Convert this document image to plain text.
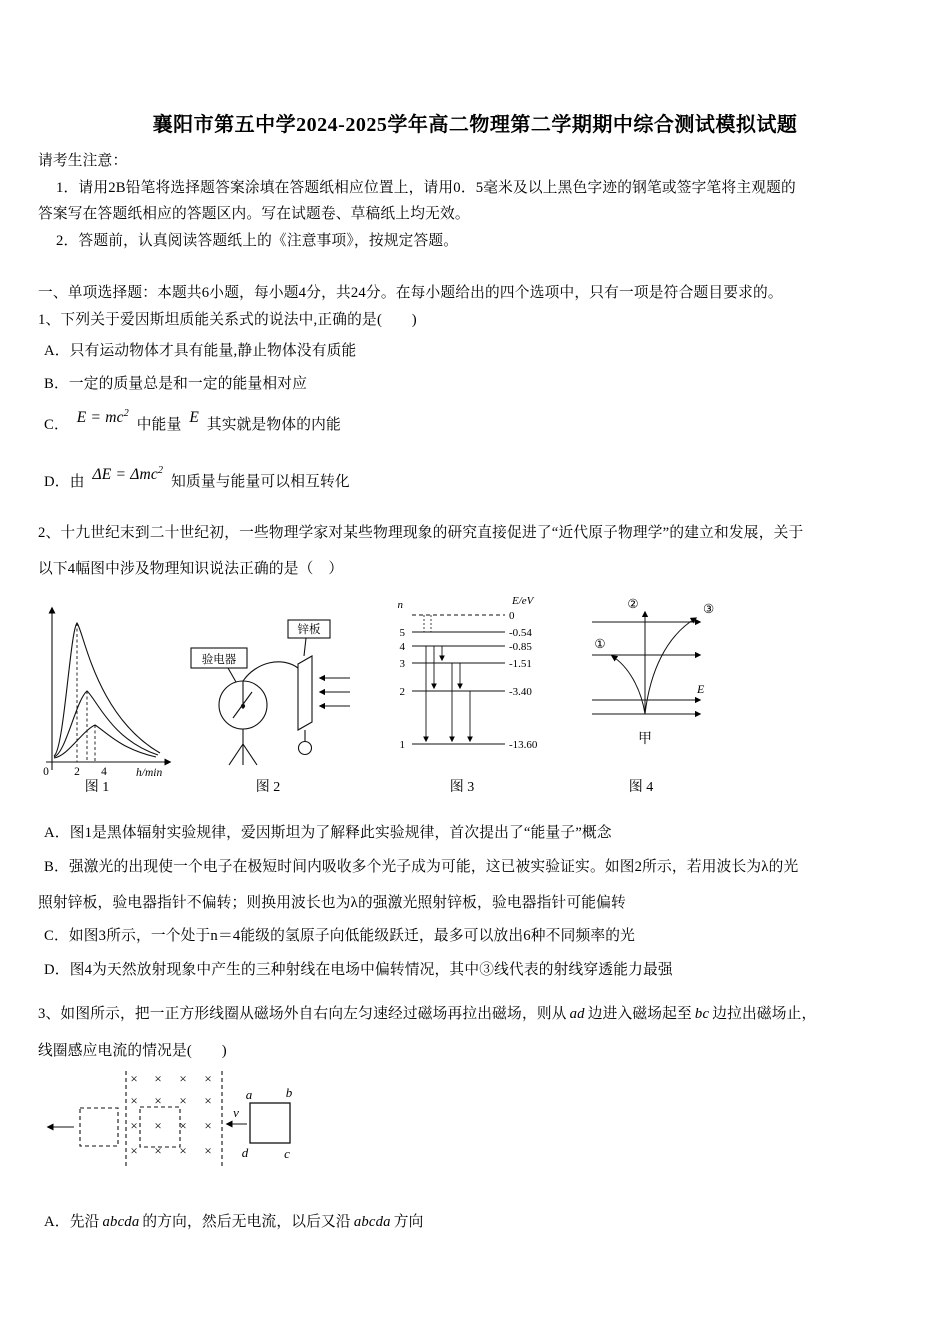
襄阳市第五中学2024-2025学年高二物理第二学期期中综合测试模拟试题
请考生注意：
1．请用2B铅笔将选择题答案涂填在答题纸相应位置上，请用0．5毫米及以上黑色字迹的钢笔或签字笔将主观题的
答案写在答题纸相应的答题区内。写在试题卷、草稿纸上均无效。
2．答题前，认真阅读答题纸上的《注意事项》，按规定答题。
一、单项选择题：本题共6小题，每小题4分，共24分。在每小题给出的四个选项中，只有一项是符合题目要求的。
1、下列关于爱因斯坦质能关系式的说法中,正确的是(　　)
A．只有运动物体才具有能量,静止物体没有质能
B．一定的质量总是和一定的能量相对应
C． $E = mc^2$ 中能量 E 其实就是物体的内能
D．由 ΔE = Δmc$^2$ 知质量与能量可以相互转化
2、十九世纪末到二十世纪初，一些物理学家对某些物理现象的研究直接促进了“近代原子物理学”的建立和发展，关于
以下4幅图中涉及物理知识说法正确的是（　）
0 2 4	h/min
图 1
验电器
锌板
图 2
n	E/eV
5
4
3
2
1
0
-0.54
-0.85
-1.51
-3.40
-13.60
图 3
②	③
①
E
甲
图 4
A．图1是黑体辐射实验规律，爱因斯坦为了解释此实验规律，首次提出了“能量子”概念
B．强激光的出现使一个电子在极短时间内吸收多个光子成为可能，这已被实验证实。如图2所示，若用波长为λ的光
照射锌板，验电器指针不偏转；则换用波长也为λ的强激光照射锌板，验电器指针可能偏转
C．如图3所示，一个处于n＝4能级的氢原子向低能级跃迁，最多可以放出6种不同频率的光
D．图4为天然放射现象中产生的三种射线在电场中偏转情况，其中③线代表的射线穿透能力最强
3、如图所示，把一正方形线圈从磁场外自右向左匀速经过磁场再拉出磁场，则从 ad 边进入磁场起至 bc 边拉出磁场止，
线圈感应电流的情况是(　　)
× × × ×
× × × ×
× × × ×
× × × ×
v
a	b
d	c
A．先沿 abcda 的方向，然后无电流，以后又沿 abcda 方向
